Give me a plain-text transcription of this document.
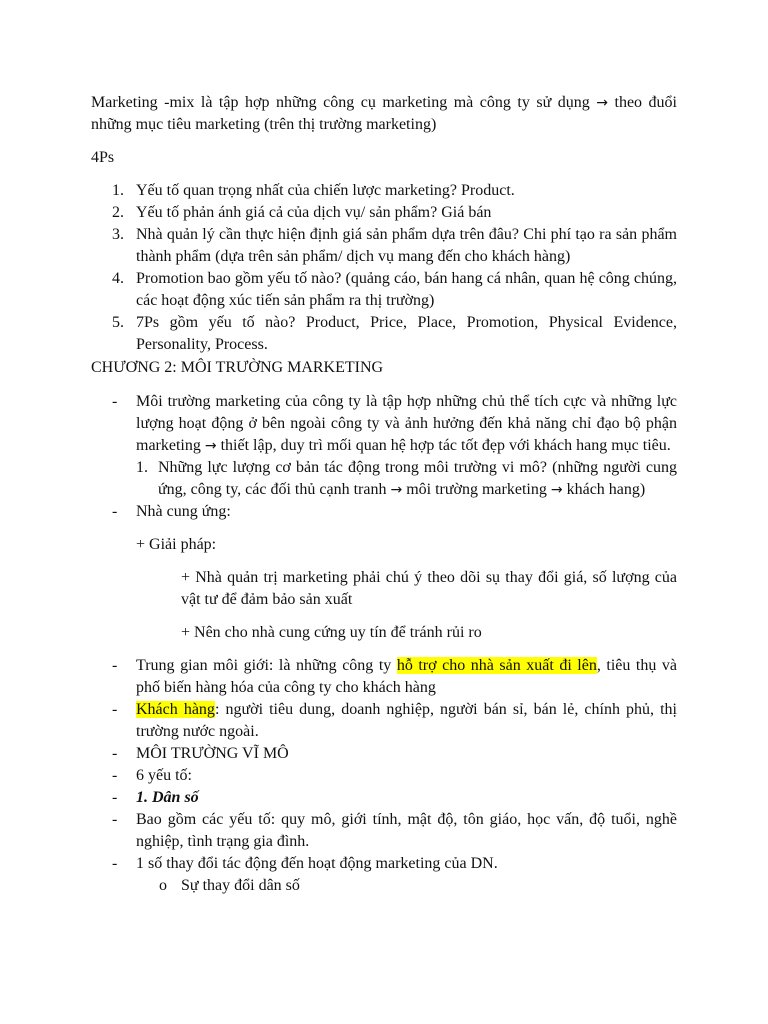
Marketing -mix là tập hợp những công cụ marketing mà công ty sử dụng → theo đuổi những mục tiêu marketing (trên thị trường marketing)

4Ps

1. Yếu tố quan trọng nhất của chiến lược marketing? Product.
2. Yếu tố phản ánh giá cả của dịch vụ/ sản phẩm? Giá bán
3. Nhà quản lý cần thực hiện định giá sản phẩm dựa trên đâu? Chi phí tạo ra sản phẩm thành phẩm (dựa trên sản phẩm/ dịch vụ mang đến cho khách hàng)
4. Promotion bao gồm yếu tố nào? (quảng cáo, bán hang cá nhân, quan hệ công chúng, các hoạt động xúc tiến sản phẩm ra thị trường)
5. 7Ps gồm yếu tố nào? Product, Price, Place, Promotion, Physical Evidence, Personality, Process.

CHƯƠNG 2: MÔI TRƯỜNG MARKETING

- Môi trường marketing của công ty là tập hợp những chủ thể tích cực và những lực lượng hoạt động ở bên ngoài công ty và ảnh hưởng đến khả năng chỉ đạo bộ phận marketing → thiết lập, duy trì mối quan hệ hợp tác tốt đẹp với khách hang mục tiêu.
1. Những lực lượng cơ bản tác động trong môi trường vi mô? (những người cung ứng, công ty, các đối thủ cạnh tranh → môi trường marketing → khách hang)
- Nhà cung ứng:
+ Giải pháp:
+ Nhà quản trị marketing phải chú ý theo dõi sụ thay đổi giá, số lượng của vật tư để đảm bảo sản xuất
+ Nên cho nhà cung cứng uy tín để tránh rủi ro
- Trung gian môi giới: là những công ty hỗ trợ cho nhà sản xuất đi lên, tiêu thụ và phố biến hàng hóa của công ty cho khách hàng
- Khách hàng: người tiêu dung, doanh nghiệp, người bán sỉ, bán lẻ, chính phủ, thị trường nước ngoài.
- MÔI TRƯỜNG VĨ MÔ
- 6 yếu tố:
- 1. Dân số
- Bao gồm các yếu tố: quy mô, giới tính, mật độ, tôn giáo, học vấn, độ tuổi, nghề nghiệp, tình trạng gia đình.
- 1 số thay đổi tác động đến hoạt động marketing của DN.
o Sự thay đổi dân số
